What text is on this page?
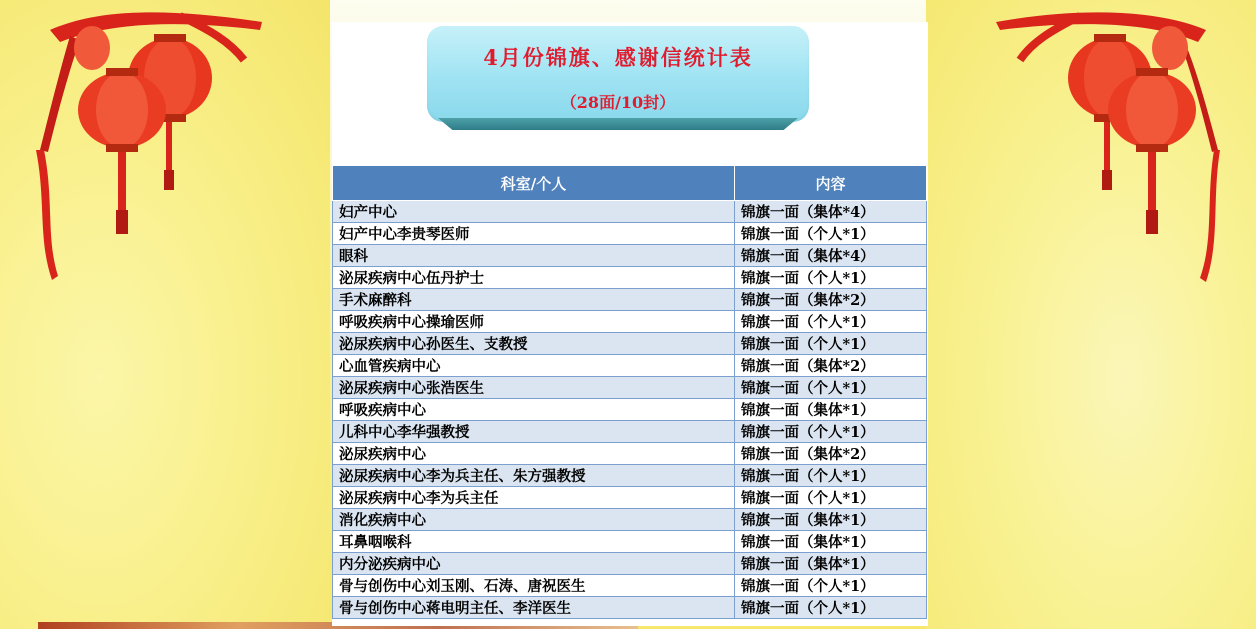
4月份锦旗、感谢信统计表
（28面/10封）
科室/个人	内容
妇产中心	锦旗一面（集体*4）
妇产中心李贵琴医师	锦旗一面（个人*1）
眼科	锦旗一面（集体*4）
泌尿疾病中心伍丹护士	锦旗一面（个人*1）
手术麻醉科	锦旗一面（集体*2）
呼吸疾病中心操瑜医师	锦旗一面（个人*1）
泌尿疾病中心孙医生、支教授	锦旗一面（个人*1）
心血管疾病中心	锦旗一面（集体*2）
泌尿疾病中心张浩医生	锦旗一面（个人*1）
呼吸疾病中心	锦旗一面（集体*1）
儿科中心李华强教授	锦旗一面（个人*1）
泌尿疾病中心	锦旗一面（集体*2）
泌尿疾病中心李为兵主任、朱方强教授	锦旗一面（个人*1）
泌尿疾病中心李为兵主任	锦旗一面（个人*1）
消化疾病中心	锦旗一面（集体*1）
耳鼻咽喉科	锦旗一面（集体*1）
内分泌疾病中心	锦旗一面（集体*1）
骨与创伤中心刘玉刚、石涛、唐祝医生	锦旗一面（个人*1）
骨与创伤中心蒋电明主任、李洋医生	锦旗一面（个人*1）
